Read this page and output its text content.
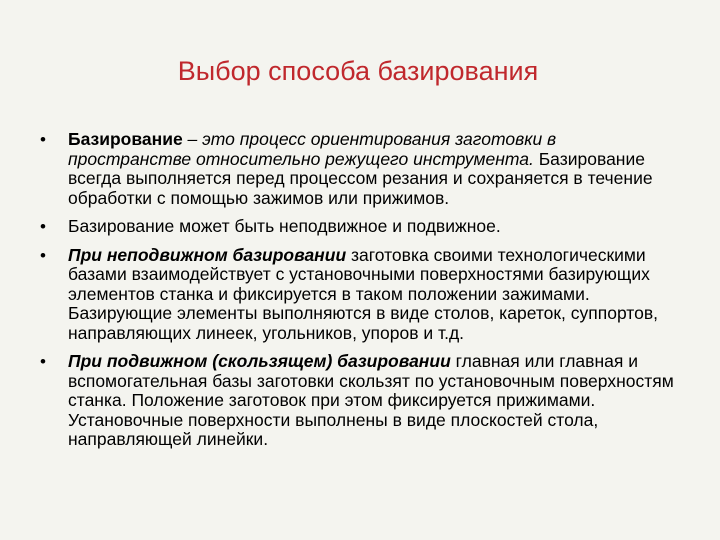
Выбор способа базирования
• Базирование – это процесс ориентирования заготовки в пространстве относительно режущего инструмента. Базирование всегда выполняется перед процессом резания и сохраняется в течение обработки с помощью зажимов или прижимов.
• Базирование может быть неподвижное и подвижное.
• При неподвижном базировании заготовка своими технологическими базами взаимодействует с установочными поверхностями базирующих элементов станка и фиксируется в таком положении зажимами. Базирующие элементы выполняются в виде столов, кареток, суппортов, направляющих линеек, угольников, упоров и т.д.
• При подвижном (скользящем) базировании главная или главная и вспомогательная базы заготовки скользят по установочным поверхностям станка. Положение заготовок при этом фиксируется прижимами. Установочные поверхности выполнены в виде плоскостей стола, направляющей линейки.
